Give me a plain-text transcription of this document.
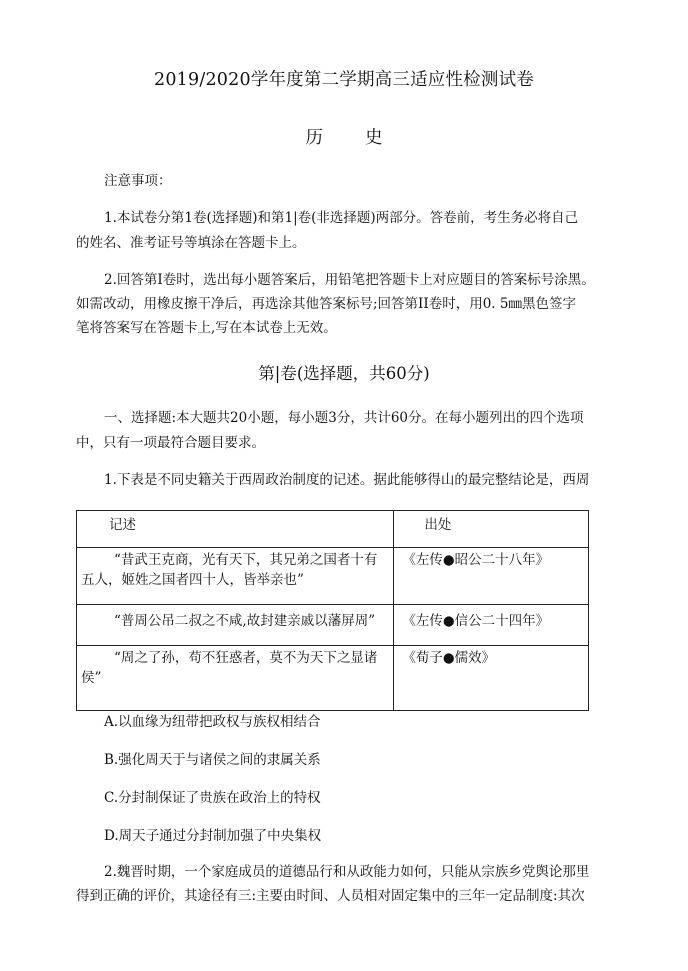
2019/2020学年度第二学期高三适应性检测试卷
历 史
注意事项：
1.本试卷分第1卷(选择题)和第1|卷(非选择题)两部分。答卷前，考生务必将自己
的姓名、准考证号等填涂在答题卡上。
2.回答第Ⅰ卷时，选出每小题答案后，用铅笔把答题卡上对应题目的答案标号涂黑。
如需改动，用橡皮擦干净后，再选涂其他答案标号;回答第II卷时，用0. 5㎜黑色签字
笔将答案写在答题卡上,写在本试卷上无效。
第|卷(选择题，共60分)
一、选择题:本大题共20小题，每小题3分，共计60分。在每小题列出的四个选项
中，只有一项最符合题目要求。
1.下表是不同史籍关于西周政治制度的记述。据此能够得山的最完整结论是，西周
记述	出处

“昔武王克商，光有天下，其兄弟之国者十有五人，姬姓之国者四十人，皆举亲也”	《左传●昭公二十八年》

“普周公吊二叔之不咸,故封建亲戚以藩屏周”	《左传●信公二十四年》

“周之了孙，苟不狂惑者，莫不为天下之显诸侯”	《荀子●儒效》
A.以血缘为纽带把政权与族权相结合
B.强化周天于与诸侯之间的隶属关系
C.分封制保证了贵族在政治上的特权
D.周天子通过分封制加强了中央集权
2.魏晋时期，一个家庭成员的道德品行和从政能力如何，只能从宗族乡党舆论那里
得到正确的评价，其途径有三:主要由时间、人员相对固定集中的三年一定品制度:其次
